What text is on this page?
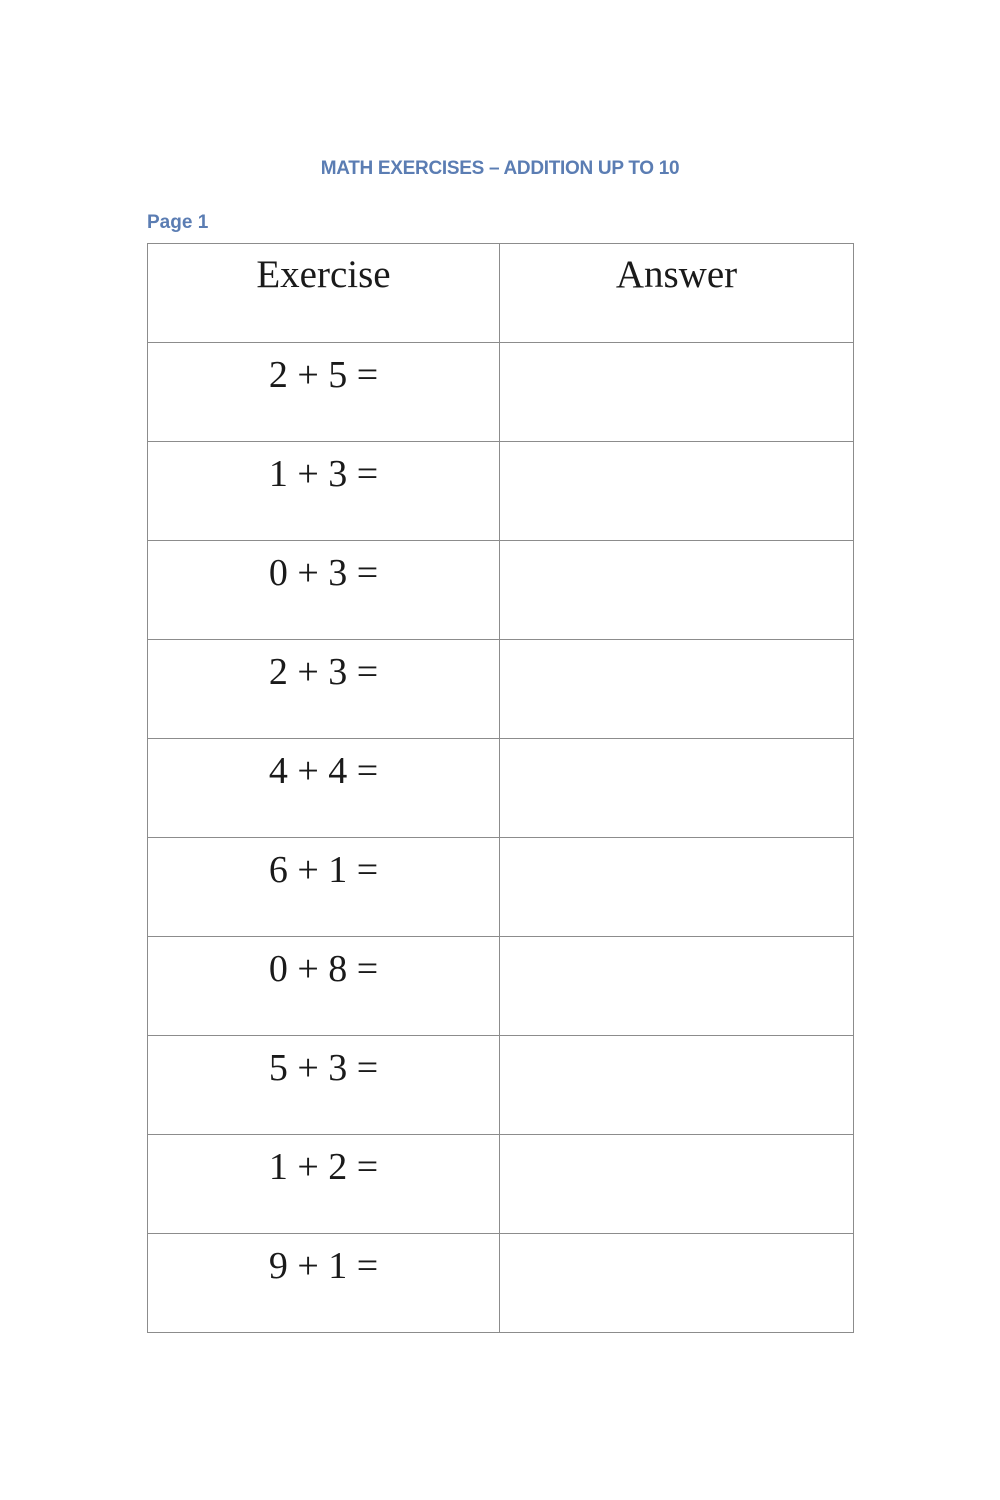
MATH EXERCISES – ADDITION UP TO 10
Page 1
Exercise	Answer
2 + 5 =	
1 + 3 =	
0 + 3 =	
2 + 3 =	
4 + 4 =	
6 + 1 =	
0 + 8 =	
5 + 3 =	
1 + 2 =	
9 + 1 =	
